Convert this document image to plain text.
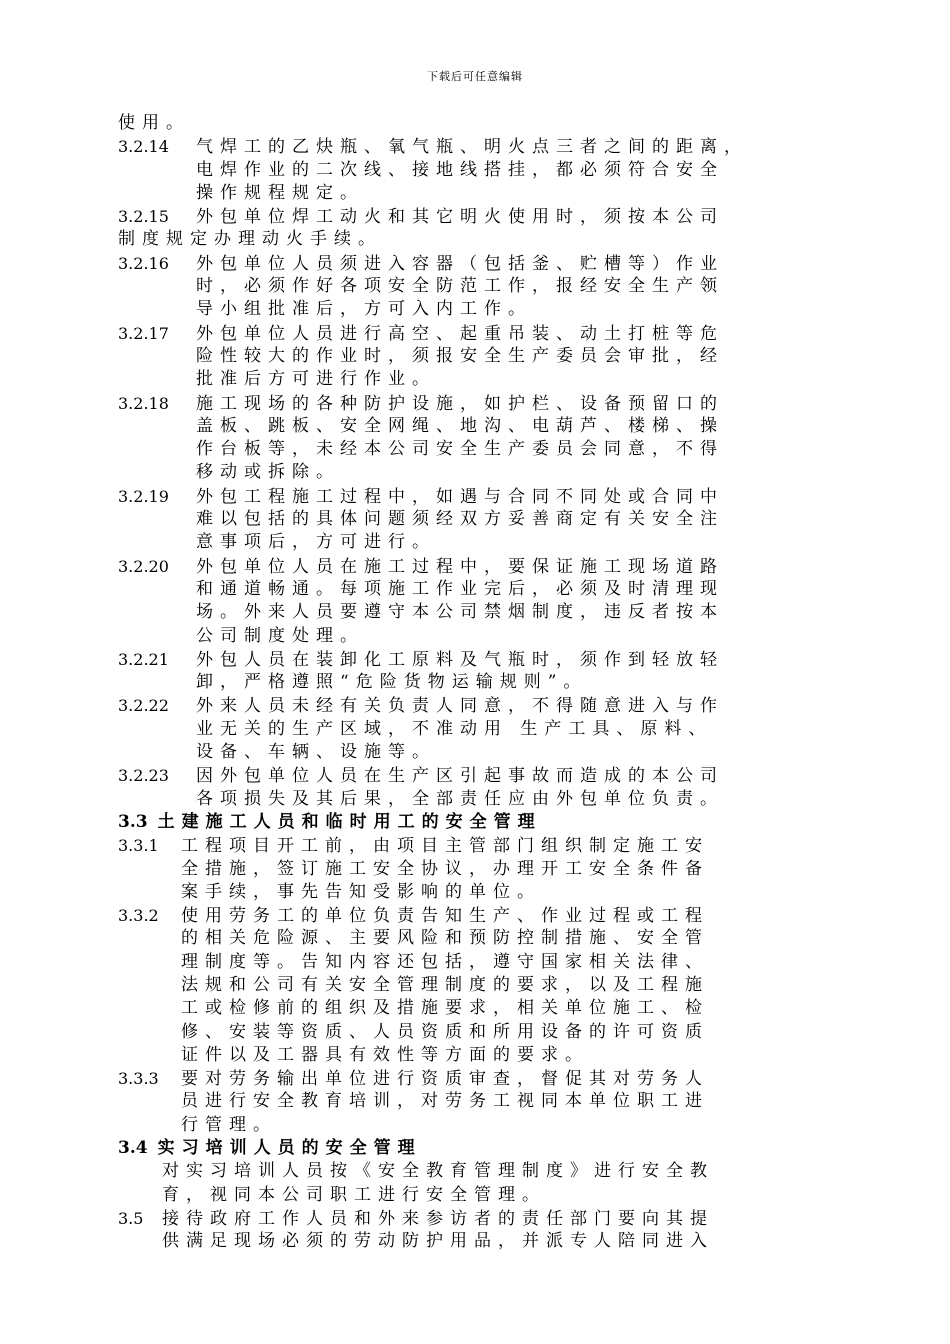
下载后可任意编辑
使用。
3.2.14 气焊工的乙炔瓶、氧气瓶、明火点三者之间的距离，
电焊作业的二次线、接地线搭挂，都必须符合安全
操作规程规定。
3.2.15 外包单位焊工动火和其它明火使用时，须按本公司
制度规定办理动火手续。
3.2.16 外包单位人员须进入容器（包括釜、贮槽等）作业
时，必须作好各项安全防范工作，报经安全生产领
导小组批准后，方可入内工作。
3.2.17 外包单位人员进行高空、起重吊装、动土打桩等危
险性较大的作业时，须报安全生产委员会审批，经
批准后方可进行作业。
3.2.18 施工现场的各种防护设施，如护栏、设备预留口的
盖板、跳板、安全网绳、地沟、电葫芦、楼梯、操
作台板等，未经本公司安全生产委员会同意，不得
移动或拆除。
3.2.19 外包工程施工过程中，如遇与合同不同处或合同中
难以包括的具体问题须经双方妥善商定有关安全注
意事项后，方可进行。
3.2.20 外包单位人员在施工过程中，要保证施工现场道路
和通道畅通。每项施工作业完后，必须及时清理现
场。外来人员要遵守本公司禁烟制度，违反者按本
公司制度处理。
3.2.21 外包人员在装卸化工原料及气瓶时，须作到轻放轻
卸，严格遵照“危险货物运输规则”。
3.2.22 外来人员未经有关负责人同意，不得随意进入与作
业无关的生产区域，不准动用 生产工具、原料、
设备、车辆、设施等。
3.2.23 因外包单位人员在生产区引起事故而造成的本公司
各项损失及其后果，全部责任应由外包单位负责。
3.3 土建施工人员和临时用工的安全管理
3.3.1 工程项目开工前，由项目主管部门组织制定施工安
全措施，签订施工安全协议，办理开工安全条件备
案手续，事先告知受影响的单位。
3.3.2 使用劳务工的单位负责告知生产、作业过程或工程
的相关危险源、主要风险和预防控制措施、安全管
理制度等。告知内容还包括，遵守国家相关法律、
法规和公司有关安全管理制度的要求，以及工程施
工或检修前的组织及措施要求，相关单位施工、检
修、安装等资质、人员资质和所用设备的许可资质
证件以及工器具有效性等方面的要求。
3.3.3 要对劳务输出单位进行资质审查，督促其对劳务人
员进行安全教育培训，对劳务工视同本单位职工进
行管理。
3.4 实习培训人员的安全管理
对实习培训人员按《安全教育管理制度》进行安全教
育，视同本公司职工进行安全管理。
3.5 接待政府工作人员和外来参访者的责任部门要向其提
供满足现场必须的劳动防护用品，并派专人陪同进入
